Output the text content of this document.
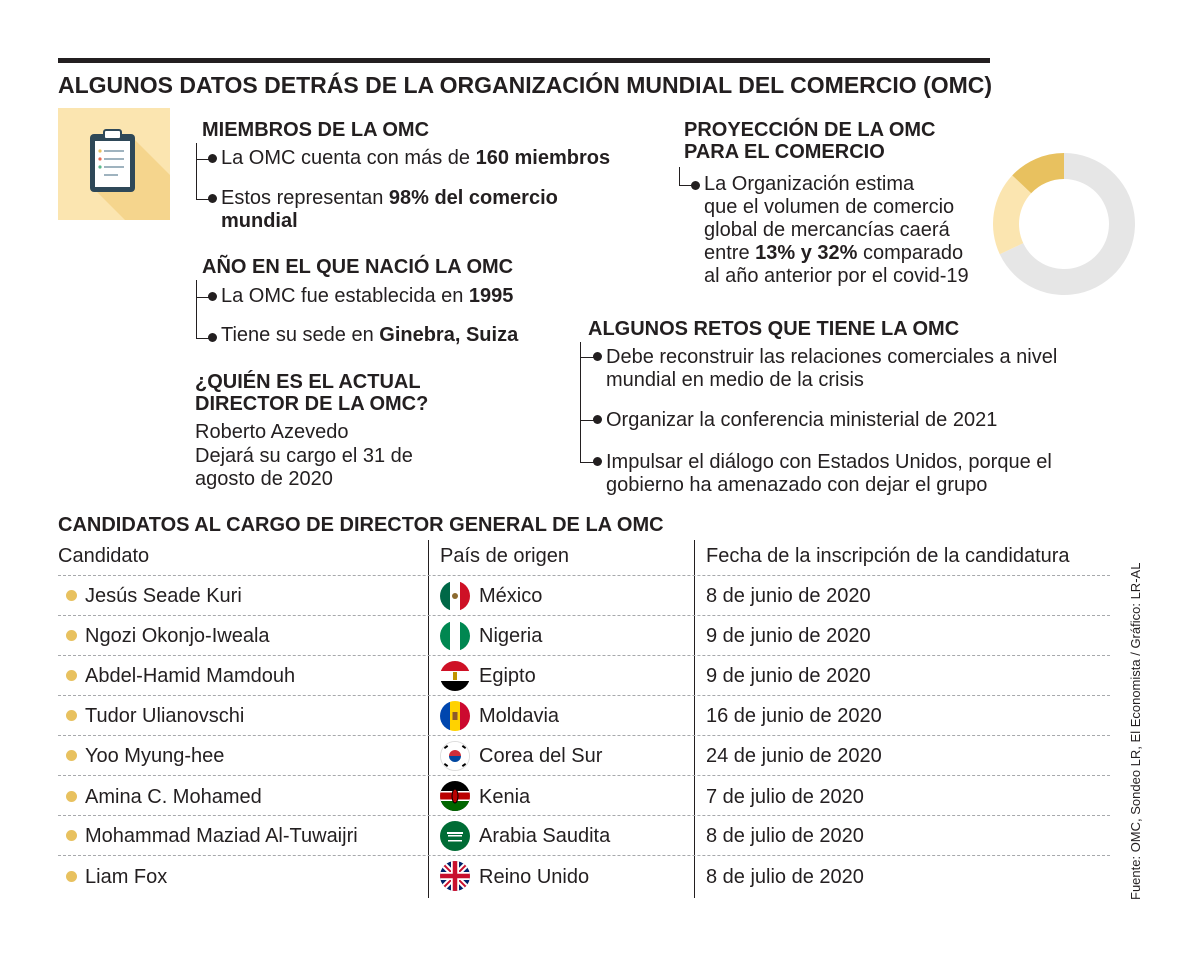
ALGUNOS DATOS DETRÁS DE LA ORGANIZACIÓN MUNDIAL DEL COMERCIO (OMC)
MIEMBROS DE LA OMC
La OMC cuenta con más de 160 miembros
Estos representan 98% del comercio
mundial
AÑO EN EL QUE NACIÓ LA OMC
La OMC fue establecida en 1995
Tiene su sede en Ginebra, Suiza
¿QUIÉN ES EL ACTUAL
DIRECTOR DE LA OMC?
Roberto Azevedo
Dejará su cargo el 31 de
agosto de 2020
PROYECCIÓN DE LA OMC
PARA EL COMERCIO
La Organización estima
que el volumen de comercio
global de mercancías caerá
entre 13% y 32% comparado
al año anterior por el covid-19
ALGUNOS RETOS QUE TIENE LA OMC
Debe reconstruir las relaciones comerciales a nivel
mundial en medio de la crisis
Organizar la conferencia ministerial de 2021
Impulsar el diálogo con Estados Unidos, porque el
gobierno ha amenazado con dejar el grupo
CANDIDATOS AL CARGO DE DIRECTOR GENERAL DE LA OMC
Candidato	País de origen	Fecha de la inscripción de la candidatura
Jesús Seade Kuri	México	8 de junio de 2020
Ngozi Okonjo-Iweala	Nigeria	9 de junio de 2020
Abdel-Hamid Mamdouh	Egipto	9 de junio de 2020
Tudor Ulianovschi	Moldavia	16 de junio de 2020
Yoo Myung-hee	Corea del Sur	24 de junio de 2020
Amina C. Mohamed	Kenia	7 de julio de 2020
Mohammad Maziad Al-Tuwaijri	Arabia Saudita	8 de julio de 2020
Liam Fox	Reino Unido	8 de julio de 2020	Fuente: OMC, Sondeo LR, El Economista / Gráfico: LR-AL
